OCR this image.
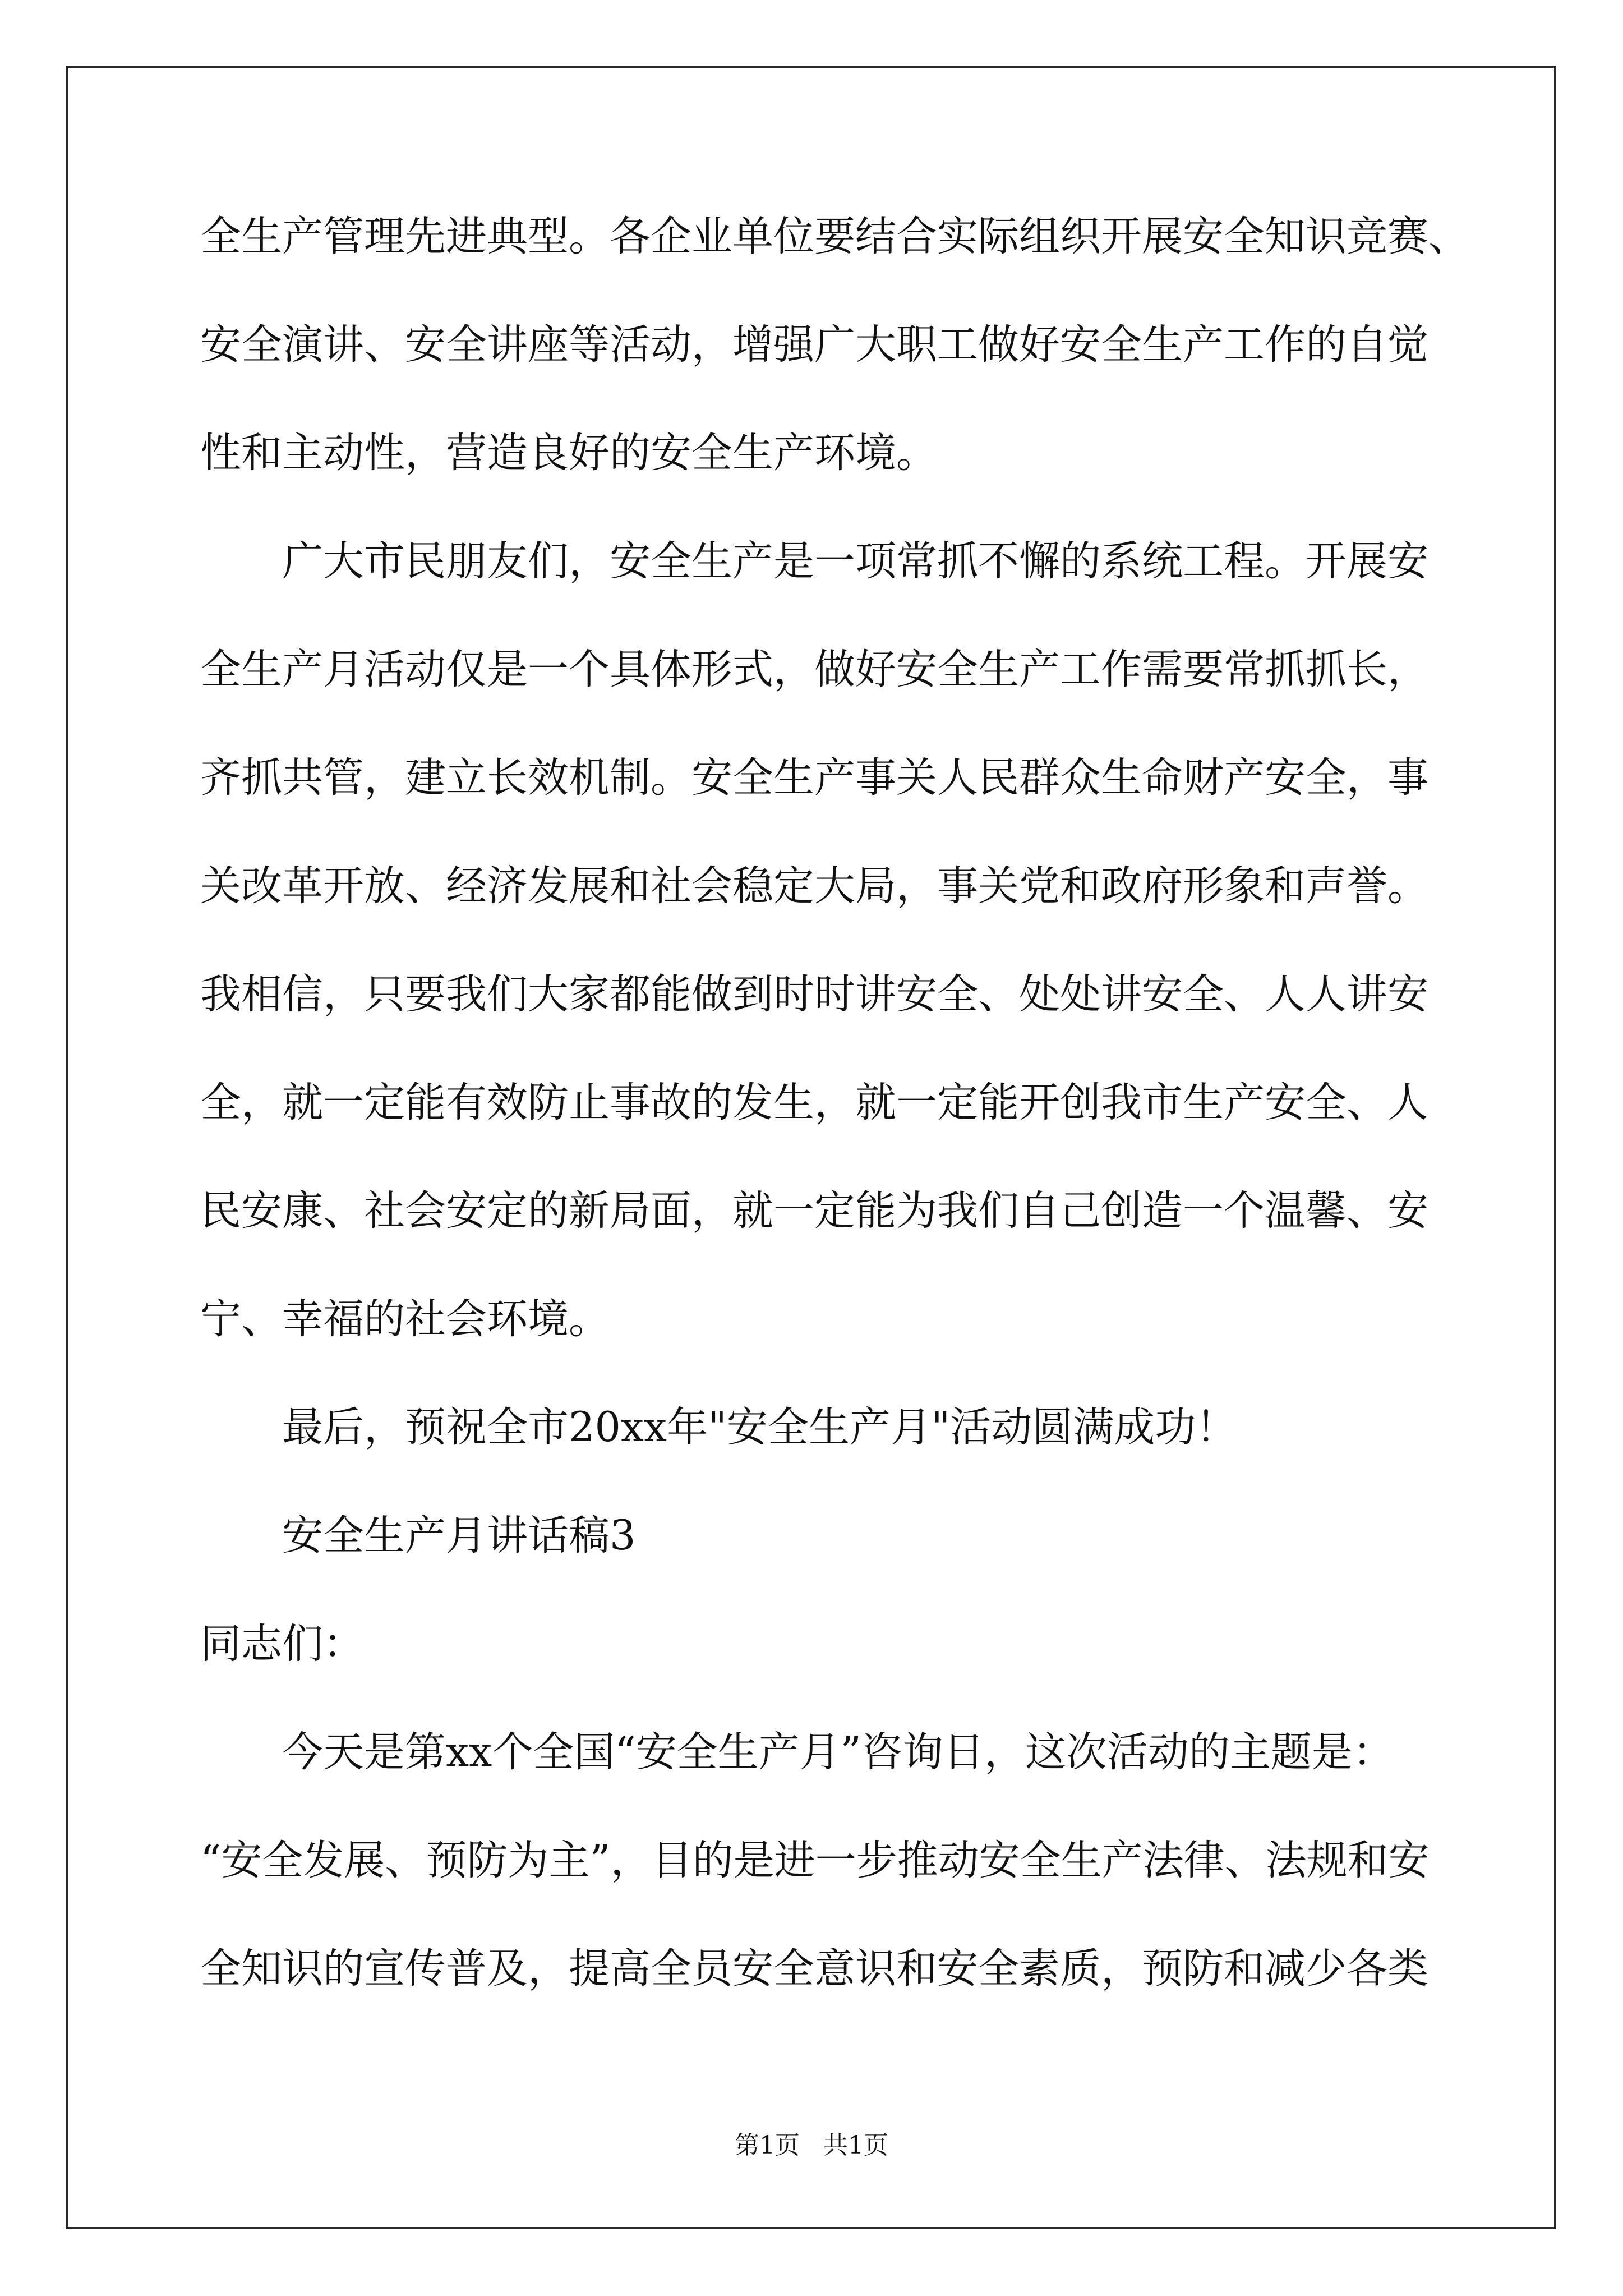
全生产管理先进典型。各企业单位要结合实际组织开展安全知识竞赛、
安全演讲、安全讲座等活动，增强广大职工做好安全生产工作的自觉
性和主动性，营造良好的安全生产环境。
广大市民朋友们，安全生产是一项常抓不懈的系统工程。开展安
全生产月活动仅是一个具体形式，做好安全生产工作需要常抓抓长，
齐抓共管，建立长效机制。安全生产事关人民群众生命财产安全，事
关改革开放、经济发展和社会稳定大局，事关党和政府形象和声誉。
我相信，只要我们大家都能做到时时讲安全、处处讲安全、人人讲安
全，就一定能有效防止事故的发生，就一定能开创我市生产安全、人
民安康、社会安定的新局面，就一定能为我们自己创造一个温馨、安
宁、幸福的社会环境。
最后，预祝全市20xx年"安全生产月"活动圆满成功！
安全生产月讲话稿3
同志们：
今天是第xx个全国“安全生产月”咨询日，这次活动的主题是：
“安全发展、预防为主”，目的是进一步推动安全生产法律、法规和安
全知识的宣传普及，提高全员安全意识和安全素质，预防和减少各类
第1页   共1页
